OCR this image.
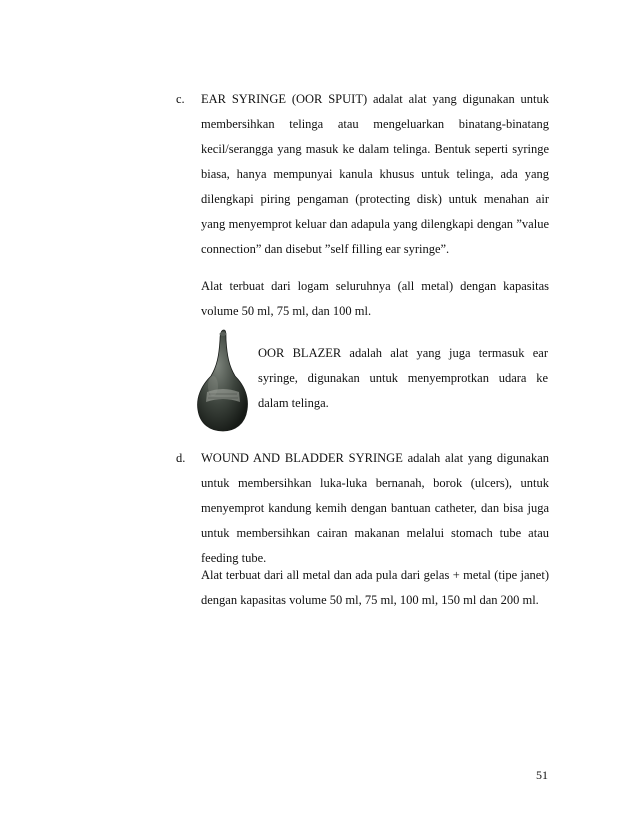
c. EAR SYRINGE (OOR SPUIT) adalat alat yang digunakan untuk membersihkan telinga atau mengeluarkan binatang-binatang kecil/serangga yang masuk ke dalam telinga. Bentuk seperti syringe biasa, hanya mempunyai kanula khusus untuk telinga, ada yang dilengkapi piring pengaman (protecting disk) untuk menahan air yang menyemprot keluar dan adapula yang dilengkapi dengan ”value connection” dan disebut ”self filling ear syringe”.

Alat terbuat dari logam seluruhnya (all metal) dengan kapasitas volume 50 ml, 75 ml, dan 100 ml.

OOR BLAZER adalah alat yang juga termasuk ear syringe, digunakan untuk menyemprotkan udara ke dalam telinga.

d. WOUND AND BLADDER SYRINGE adalah alat yang digunakan untuk membersihkan luka-luka bernanah, borok (ulcers), untuk menyemprot kandung kemih dengan bantuan catheter, dan bisa juga untuk membersihkan cairan makanan melalui stomach tube atau feeding tube.

Alat terbuat dari all metal dan ada pula dari gelas + metal (tipe janet) dengan kapasitas volume 50 ml, 75 ml, 100 ml, 150 ml dan 200 ml.

51
